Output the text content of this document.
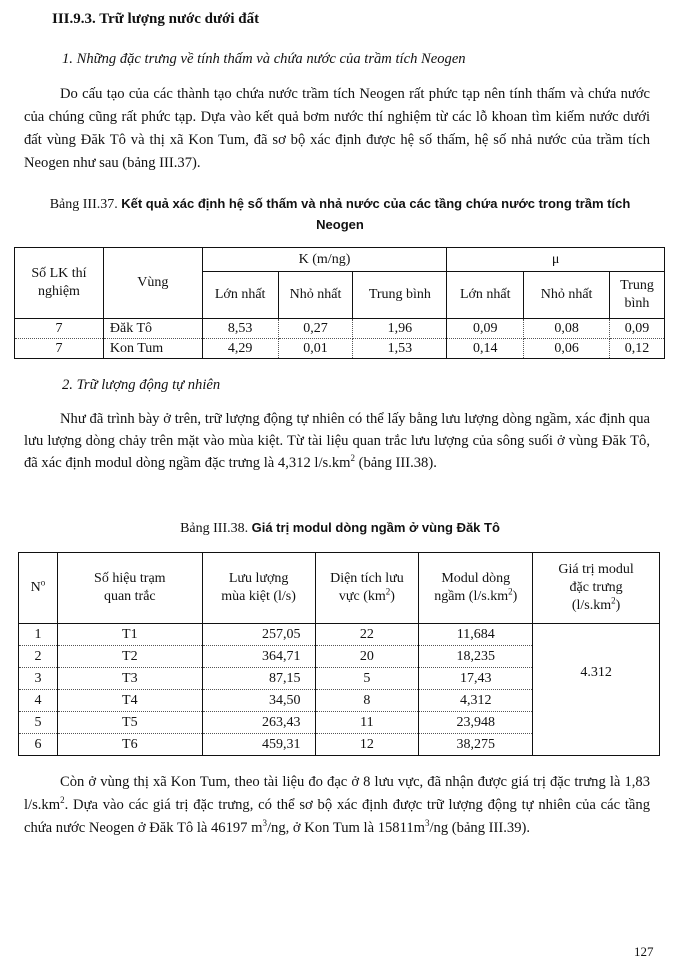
III.9.3. Trữ lượng nước dưới đất
1. Những đặc trưng về tính thấm và chứa nước của trầm tích Neogen

Do cấu tạo của các thành tạo chứa nước trầm tích Neogen rất phức tạp nên tính thấm và chứa nước của chúng cũng rất phức tạp. Dựa vào kết quả bơm nước thí nghiệm từ các lỗ khoan tìm kiếm nước dưới đất vùng Đăk Tô và thị xã Kon Tum, đã sơ bộ xác định được hệ số thấm, hệ số nhả nước của trầm tích Neogen như sau (bảng III.37).

Bảng III.37. Kết quả xác định hệ số thấm và nhả nước của các tầng chứa nước trong trầm tích Neogen
Số LK thí nghiệm	Vùng	K (m/ng)			μ		
		Lớn nhất	Nhỏ nhất	Trung bình	Lớn nhất	Nhỏ nhất	Trung bình
7	Đăk Tô	8,53	0,27	1,96	0,09	0,08	0,09
7	Kon Tum	4,29	0,01	1,53	0,14	0,06	0,12
2. Trữ lượng động tự nhiên

Như đã trình bày ở trên, trữ lượng động tự nhiên có thể lấy bằng lưu lượng dòng ngầm, xác định qua lưu lượng dòng chảy trên mặt vào mùa kiệt. Từ tài liệu quan trắc lưu lượng của sông suối ở vùng Đăk Tô, đã xác định modul dòng ngầm đặc trưng là 4,312 $l/s.km^2$ (bảng III.38).

Bảng III.38. Giá trị modul dòng ngầm ở vùng Đăk Tô
$N^o$	Số hiệu trạm quan trắc	Lưu lượng mùa kiệt (l/s)	Diện tích lưu vực $(km^2)$	Modul dòng ngầm $(l/s.km^2)$	Giá trị modul đặc trưng $(l/s.km^2)$
1	T1	257,05	22	11,684	4.312
2	T2	364,71	20	18,235	
3	T3	87,15	5	17,43	
4	T4	34,50	8	4,312	
5	T5	263,43	11	23,948	
6	T6	459,31	12	38,275	

Còn ở vùng thị xã Kon Tum, theo tài liệu đo đạc ở 8 lưu vực, đã nhận được giá trị đặc trưng là 1,83 $l/s.km^2$. Dựa vào các giá trị đặc trưng, có thể sơ bộ xác định được trữ lượng động tự nhiên của các tầng chứa nước Neogen ở Đăk Tô là 46197 $m^3/ng$, ở Kon Tum là $15811m^3/ng$ (bảng III.39).

127
